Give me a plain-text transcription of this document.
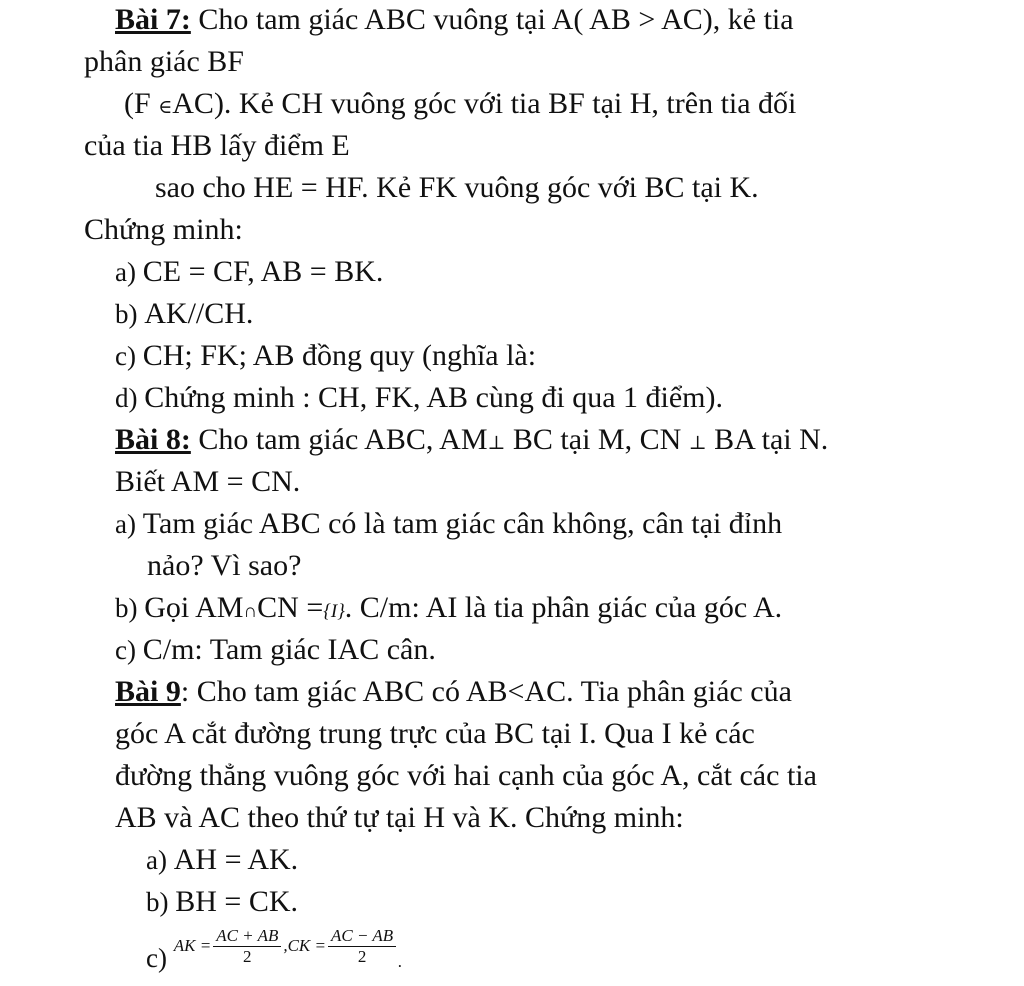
Bài 7: Cho tam giác ABC vuông tại A( AB > AC), kẻ tia
phân giác BF
(F ∈AC). Kẻ CH vuông góc với tia BF tại H, trên tia đối
của tia HB lấy điểm E
sao cho HE = HF. Kẻ FK vuông góc với BC tại K.
Chứng minh:
a) CE = CF, AB = BK.
b) AK//CH.
c) CH; FK; AB đồng quy (nghĩa là:
d) Chứng minh : CH, FK, AB cùng đi qua 1 điểm).
Bài 8: Cho tam giác ABC, AM⊥ BC tại M, CN ⊥ BA tại N.
Biết AM = CN.
a) Tam giác ABC có là tam giác cân không, cân tại đỉnh
nảo? Vì sao?
b) Gọi AM∩CN ={I}. C/m: AI là tia phân giác của góc A.
c) C/m: Tam giác IAC cân.
Bài 9: Cho tam giác ABC có AB<AC. Tia phân giác của
góc A cắt đường trung trực của BC tại I. Qua I kẻ các
đường thẳng vuông góc với hai cạnh của góc A, cắt các tia
AB và AC theo thứ tự tại H và K. Chứng minh:
a) AH = AK.
b) BH = CK.
c) AK = $\frac{AC + AB}{2} ,CK = \frac{AC - AB}{2} _.$
